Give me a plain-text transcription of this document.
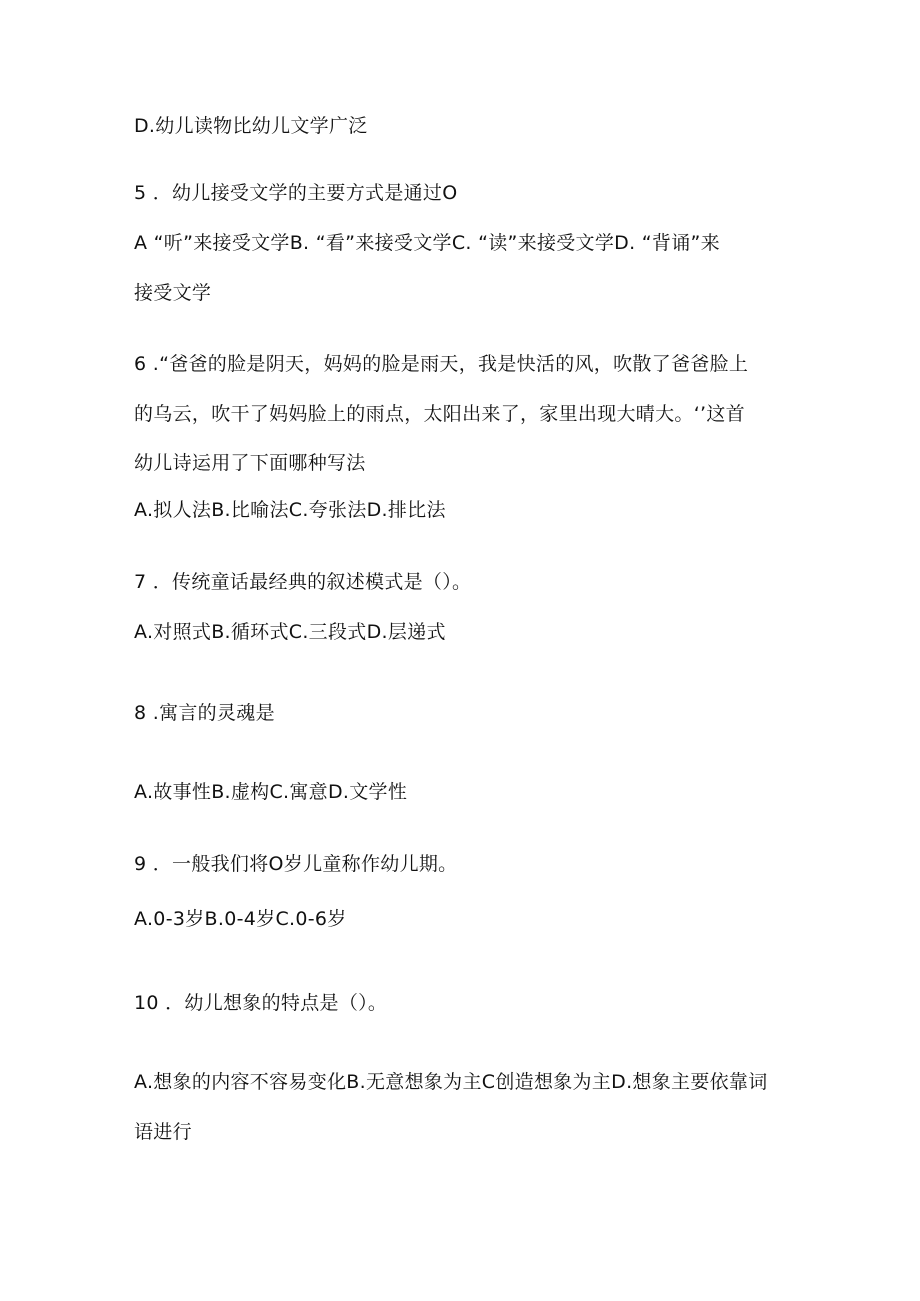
D.幼儿读物比幼儿文学广泛
5 ．幼儿接受文学的主要方式是通过O
A “听”来接受文学B. “看”来接受文学C. “读”来接受文学D. “背诵”来
接受文学
6 .“爸爸的脸是阴天，妈妈的脸是雨天，我是快活的风，吹散了爸爸脸上
的乌云，吹干了妈妈脸上的雨点，太阳出来了，家里出现大晴大。‘’这首
幼儿诗运用了下面哪种写法
A.拟人法B.比喻法C.夸张法D.排比法
7 ．传统童话最经典的叙述模式是（）。
A.对照式B.循环式C.三段式D.层递式
8 .寓言的灵魂是
A.故事性B.虚构C.寓意D.文学性
9 ．一般我们将O岁儿童称作幼儿期。
A.0-3岁B.0-4岁C.0-6岁
10 ．幼儿想象的特点是（）。
A.想象的内容不容易变化B.无意想象为主C创造想象为主D.想象主要依靠词
语进行
